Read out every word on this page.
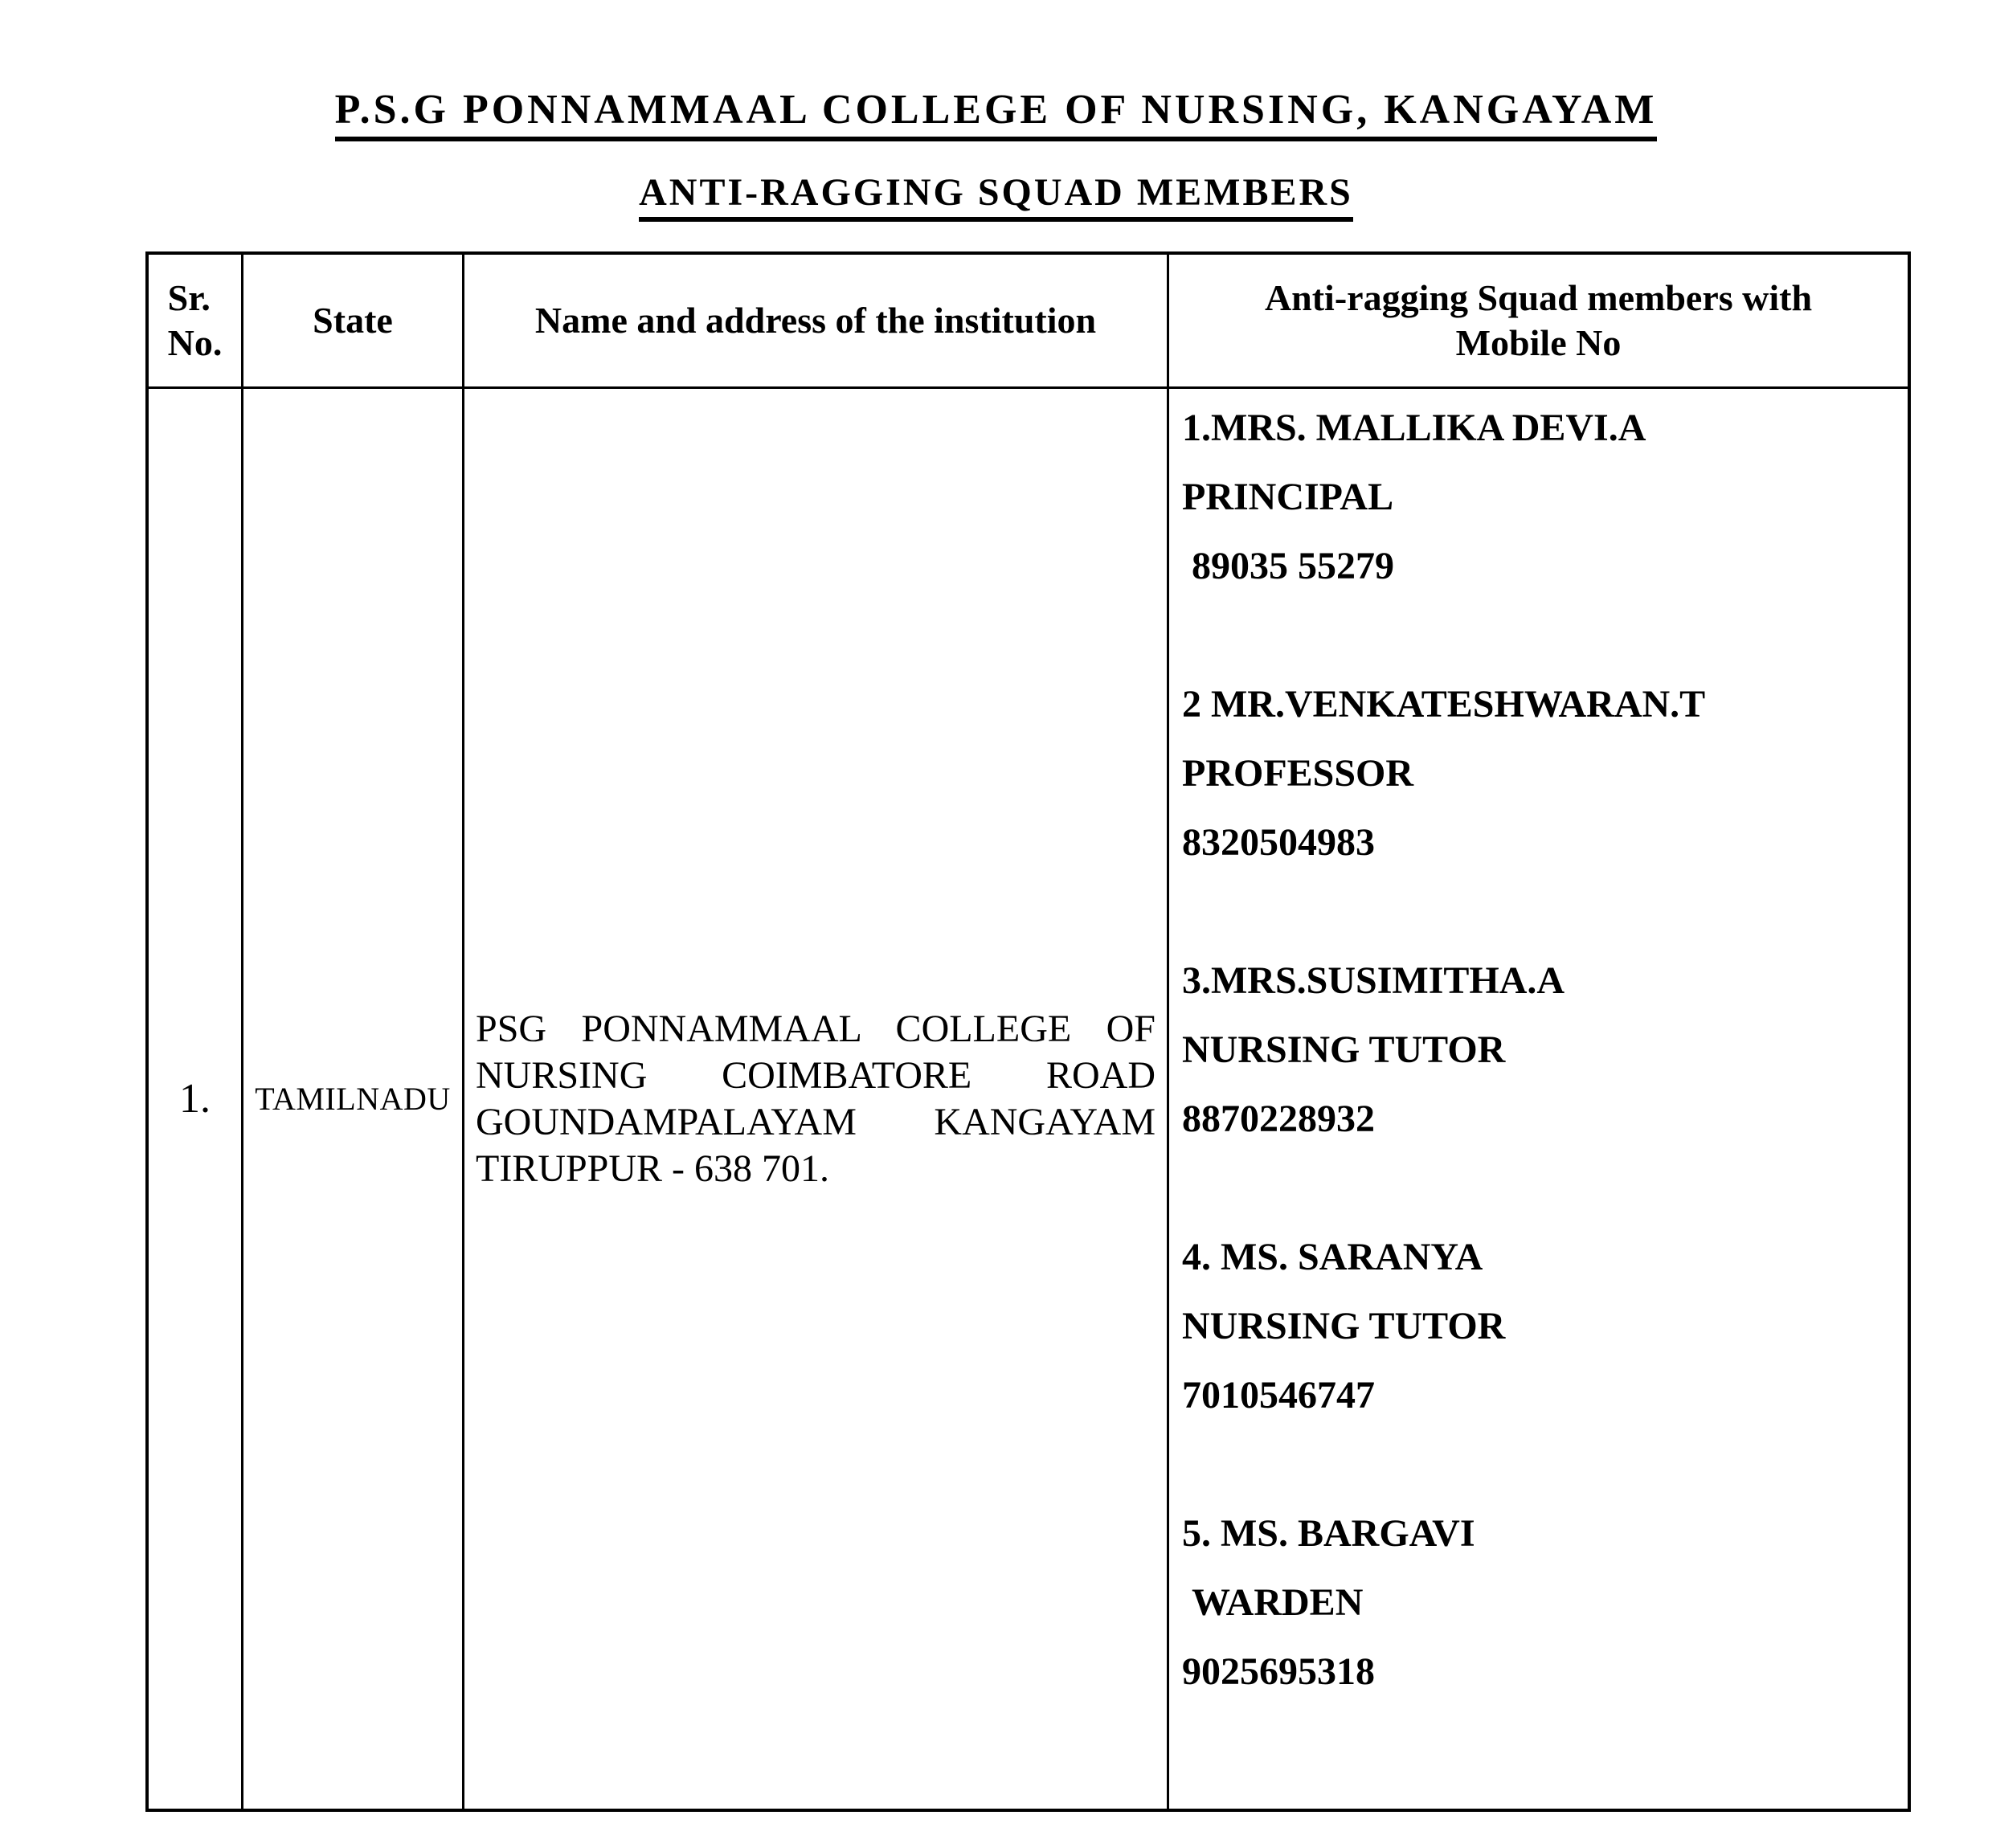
P.S.G PONNAMMAAL COLLEGE OF NURSING, KANGAYAM
ANTI-RAGGING SQUAD MEMBERS
Sr.
No.
State	Name and address of the institution
Anti-ragging Squad members with
Mobile No
1.	TAMILNADU
PSG PONNAMMAAL COLLEGE OF
NURSING COIMBATORE ROAD
GOUNDAMPALAYAM KANGAYAM
TIRUPPUR - 638 701.
1.MRS. MALLIKA DEVI.A
PRINCIPAL
89035 55279
2 MR.VENKATESHWARAN.T
PROFESSOR
8320504983
3.MRS.SUSIMITHA.A
NURSING TUTOR
8870228932
4. MS. SARANYA
NURSING TUTOR
7010546747
5. MS. BARGAVI
WARDEN
9025695318
